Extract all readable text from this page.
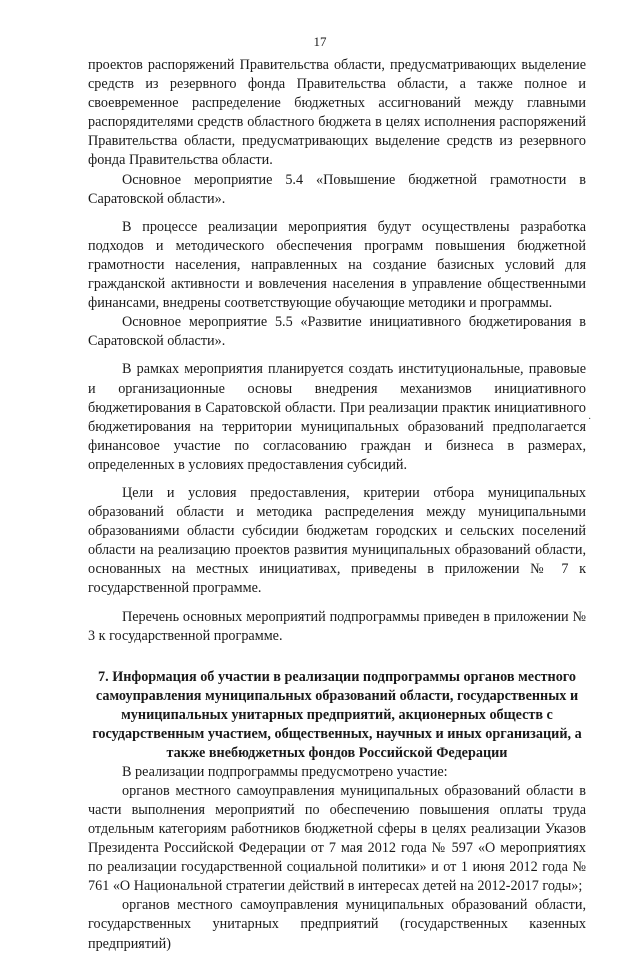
17

проектов распоряжений Правительства области, предусматривающих выделение средств из резервного фонда Правительства области, а также полное и своевременное распределение бюджетных ассигнований между главными распорядителями средств областного бюджета в целях исполнения распоряжений Правительства области, предусматривающих выделение средств из резервного фонда Правительства области.

Основное мероприятие 5.4 «Повышение бюджетной грамотности в Саратовской области».

В процессе реализации мероприятия будут осуществлены разработка подходов и методического обеспечения программ повышения бюджетной грамотности населения, направленных на создание базисных условий для гражданской активности и вовлечения населения в управление общественными финансами, внедрены соответствующие обучающие методики и программы.

Основное мероприятие 5.5 «Развитие инициативного бюджетирования в Саратовской области».

В рамках мероприятия планируется создать институциональные, правовые и организационные основы внедрения механизмов инициативного бюджетирования в Саратовской области. При реализации практик инициативного бюджетирования на территории муниципальных образований предполагается финансовое участие по согласованию граждан и бизнеса в размерах, определенных в условиях предоставления субсидий.

Цели и условия предоставления, критерии отбора муниципальных образований области и методика распределения между муниципальными образованиями области субсидии бюджетам городских и сельских поселений области на реализацию проектов развития муниципальных образований области, основанных на местных инициативах, приведены в приложении № 7 к государственной программе.

Перечень основных мероприятий подпрограммы приведен в приложении № 3 к государственной программе.

7. Информация об участии в реализации подпрограммы органов местного самоуправления муниципальных образований области, государственных и муниципальных унитарных предприятий, акционерных обществ с государственным участием, общественных, научных и иных организаций, а также внебюджетных фондов Российской Федерации

В реализации подпрограммы предусмотрено участие:

органов местного самоуправления муниципальных образований области в части выполнения мероприятий по обеспечению повышения оплаты труда отдельным категориям работников бюджетной сферы в целях реализации Указов Президента Российской Федерации от 7 мая 2012 года № 597 «О мероприятиях по реализации государственной социальной политики» и от 1 июня 2012 года № 761 «О Национальной стратегии действий в интересах детей на 2012-2017 годы»;

органов местного самоуправления муниципальных образований области, государственных унитарных предприятий (государственных казенных предприятий)

·
